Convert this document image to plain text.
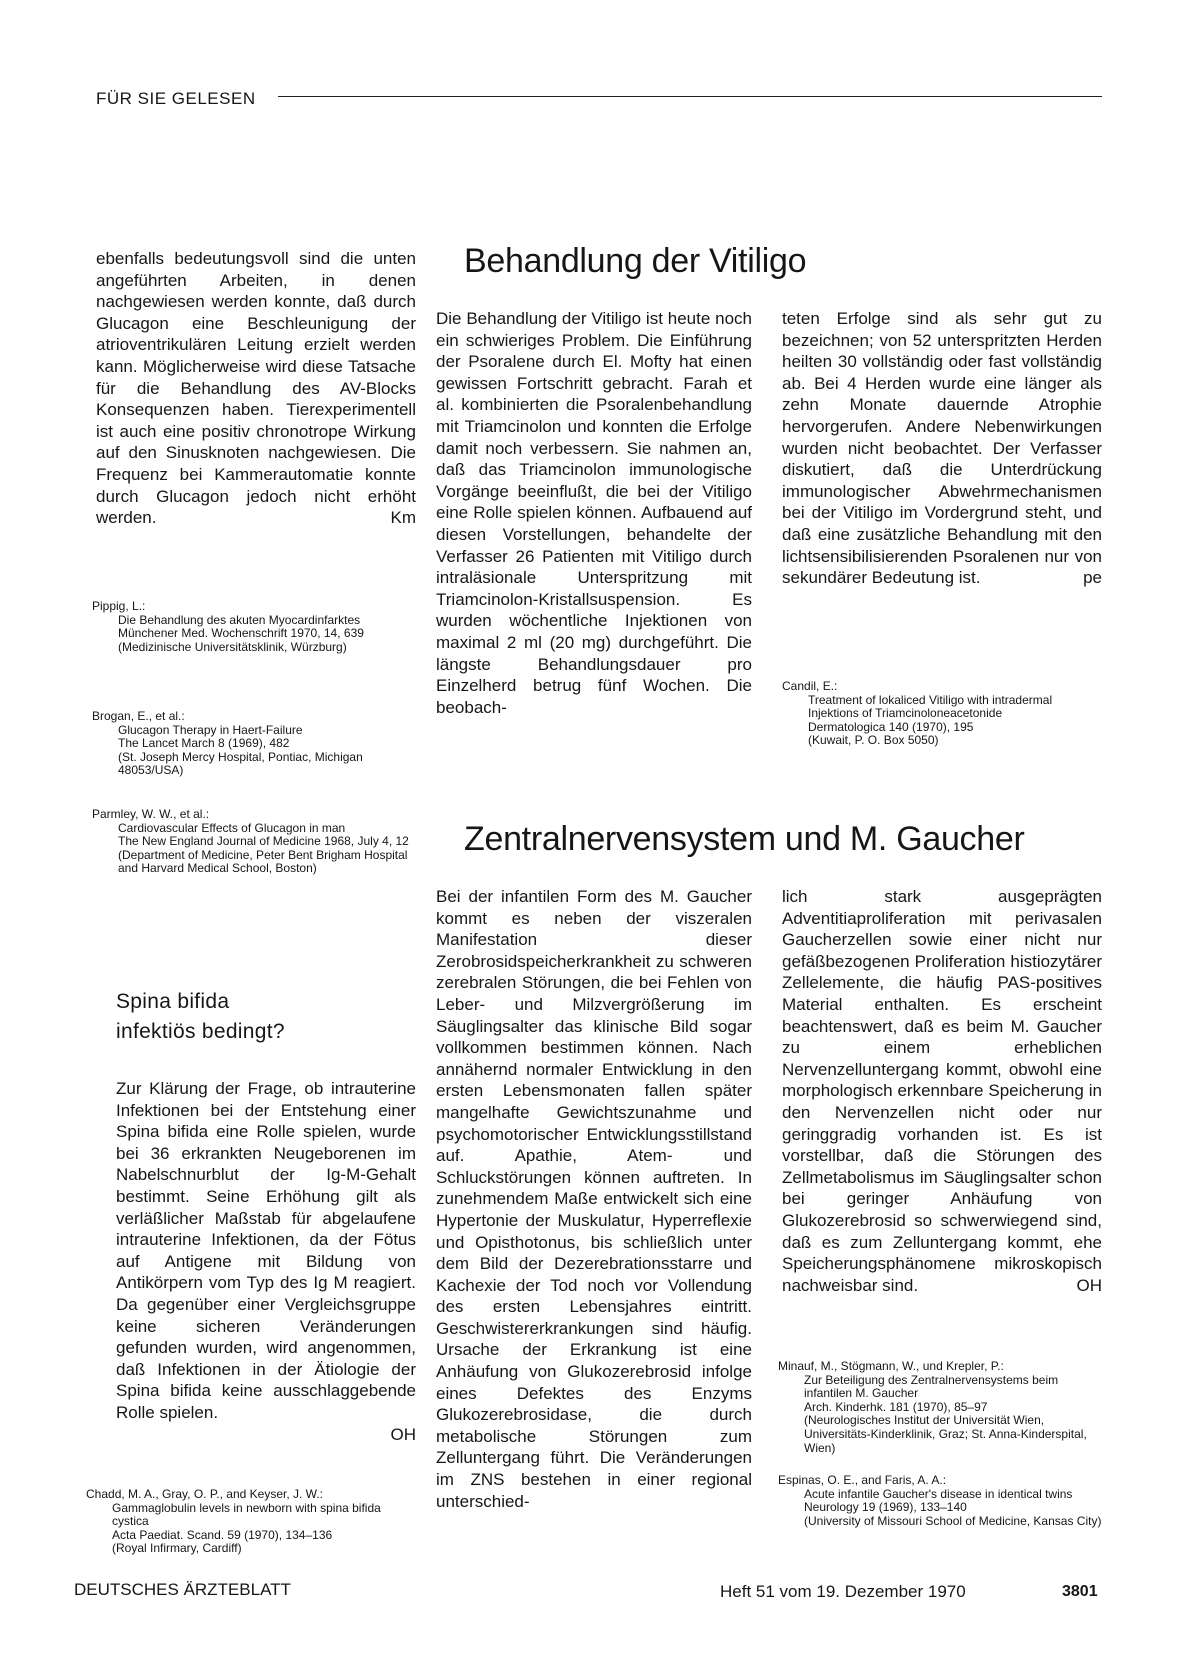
FÜR SIE GELESEN

ebenfalls bedeutungsvoll sind die unten angeführten Arbeiten, in denen nachgewiesen werden konnte, daß durch Glucagon eine Beschleunigung der atrioventrikulären Leitung erzielt werden kann. Möglicherweise wird diese Tatsache für die Behandlung des AV-Blocks Konsequenzen haben. Tierexperimentell ist auch eine positiv chronotrope Wirkung auf den Sinusknoten nachgewiesen. Die Frequenz bei Kammerautomatie konnte durch Glucagon jedoch nicht erhöht werden.	Km

Pippig, L.:
Die Behandlung des akuten Myocardinfarktes
Münchener Med. Wochenschrift 1970, 14, 639
(Medizinische Universitätsklinik, Würzburg)
Brogan, E., et al.:
Glucagon Therapy in Haert-Failure
The Lancet March 8 (1969), 482
(St. Joseph Mercy Hospital, Pontiac, Michigan 48053/USA)
Parmley, W. W., et al.:
Cardiovascular Effects of Glucagon in man
The New England Journal of Medicine 1968, July 4, 12
(Department of Medicine, Peter Bent Brigham Hospital and Harvard Medical School, Boston)
Spina bifida
infektiös bedingt?

Zur Klärung der Frage, ob intrauterine Infektionen bei der Entstehung einer Spina bifida eine Rolle spielen, wurde bei 36 erkrankten Neugeborenen im Nabelschnurblut der Ig-M-Gehalt bestimmt. Seine Erhöhung gilt als verläßlicher Maßstab für abgelaufene intrauterine Infektionen, da der Fötus auf Antigene mit Bildung von Antikörpern vom Typ des Ig M reagiert. Da gegenüber einer Vergleichsgruppe keine sicheren Veränderungen gefunden wurden, wird angenommen, daß Infektionen in der Ätiologie der Spina bifida keine ausschlaggebende Rolle spielen.

OH
Chadd, M. A., Gray, O. P., and Keyser, J. W.:
Gammaglobulin levels in newborn with spina bifida cystica
Acta Paediat. Scand. 59 (1970), 134–136
(Royal Infirmary, Cardiff)
Behandlung der Vitiligo

Die Behandlung der Vitiligo ist heute noch ein schwieriges Problem. Die Einführung der Psoralene durch El. Mofty hat einen gewissen Fortschritt gebracht. Farah et al. kombinierten die Psoralenbehandlung mit Triamcinolon und konnten die Erfolge damit noch verbessern. Sie nahmen an, daß das Triamcinolon immunologische Vorgänge beeinflußt, die bei der Vitiligo eine Rolle spielen können. Aufbauend auf diesen Vorstellungen, behandelte der Verfasser 26 Patienten mit Vitiligo durch intraläsionale Unterspritzung mit Triamcinolon-Kristallsuspension. Es wurden wöchentliche Injektionen von maximal 2 ml (20 mg) durchgeführt. Die längste Behandlungsdauer pro Einzelherd betrug fünf Wochen. Die beobach-

teten Erfolge sind als sehr gut zu bezeichnen; von 52 unterspritzten Herden heilten 30 vollständig oder fast vollständig ab. Bei 4 Herden wurde eine länger als zehn Monate dauernde Atrophie hervorgerufen. Andere Nebenwirkungen wurden nicht beobachtet. Der Verfasser diskutiert, daß die Unterdrückung immunologischer Abwehrmechanismen bei der Vitiligo im Vordergrund steht, und daß eine zusätzliche Behandlung mit den lichtsensibilisierenden Psoralenen nur von sekundärer Bedeutung ist.	pe

Candil, E.:
Treatment of lokaliced Vitiligo with intradermal Injektions of Triamcinoloneacetonide
Dermatologica 140 (1970), 195
(Kuwait, P. O. Box 5050)
Zentralnervensystem und M. Gaucher

Bei der infantilen Form des M. Gaucher kommt es neben der viszeralen Manifestation dieser Zerobrosidspeicherkrankheit zu schweren zerebralen Störungen, die bei Fehlen von Leber- und Milzvergrößerung im Säuglingsalter das klinische Bild sogar vollkommen bestimmen können. Nach annähernd normaler Entwicklung in den ersten Lebensmonaten fallen später mangelhafte Gewichtszunahme und psychomotorischer Entwicklungsstillstand auf. Apathie, Atem- und Schluckstörungen können auftreten. In zunehmendem Maße entwickelt sich eine Hypertonie der Muskulatur, Hyperreflexie und Opisthotonus, bis schließlich unter dem Bild der Dezerebrationsstarre und Kachexie der Tod noch vor Vollendung des ersten Lebensjahres eintritt. Geschwistererkrankungen sind häufig. Ursache der Erkrankung ist eine Anhäufung von Glukozerebrosid infolge eines Defektes des Enzyms Glukozerebrosidase, die durch metabolische Störungen zum Zelluntergang führt. Die Veränderungen im ZNS bestehen in einer regional unterschied-

lich stark ausgeprägten Adventitiaproliferation mit perivasalen Gaucherzellen sowie einer nicht nur gefäßbezogenen Proliferation histiozytärer Zellelemente, die häufig PAS-positives Material enthalten. Es erscheint beachtenswert, daß es beim M. Gaucher zu einem erheblichen Nervenzelluntergang kommt, obwohl eine morphologisch erkennbare Speicherung in den Nervenzellen nicht oder nur geringgradig vorhanden ist. Es ist vorstellbar, daß die Störungen des Zellmetabolismus im Säuglingsalter schon bei geringer Anhäufung von Glukozerebrosid so schwerwiegend sind, daß es zum Zelluntergang kommt, ehe Speicherungsphänomene mikroskopisch nachweisbar sind.	OH

Minauf, M., Stögmann, W., und Krepler, P.:
Zur Beteiligung des Zentralnervensystems beim infantilen M. Gaucher
Arch. Kinderhk. 181 (1970), 85–97
(Neurologisches Institut der Universität Wien, Universitäts-Kinderklinik, Graz; St. Anna-Kinderspital, Wien)
Espinas, O. E., and Faris, A. A.:
Acute infantile Gaucher's disease in identical twins
Neurology 19 (1969), 133–140
(University of Missouri School of Medicine, Kansas City)
DEUTSCHES ÄRZTEBLATT	Heft 51 vom 19. Dezember 1970	3801
